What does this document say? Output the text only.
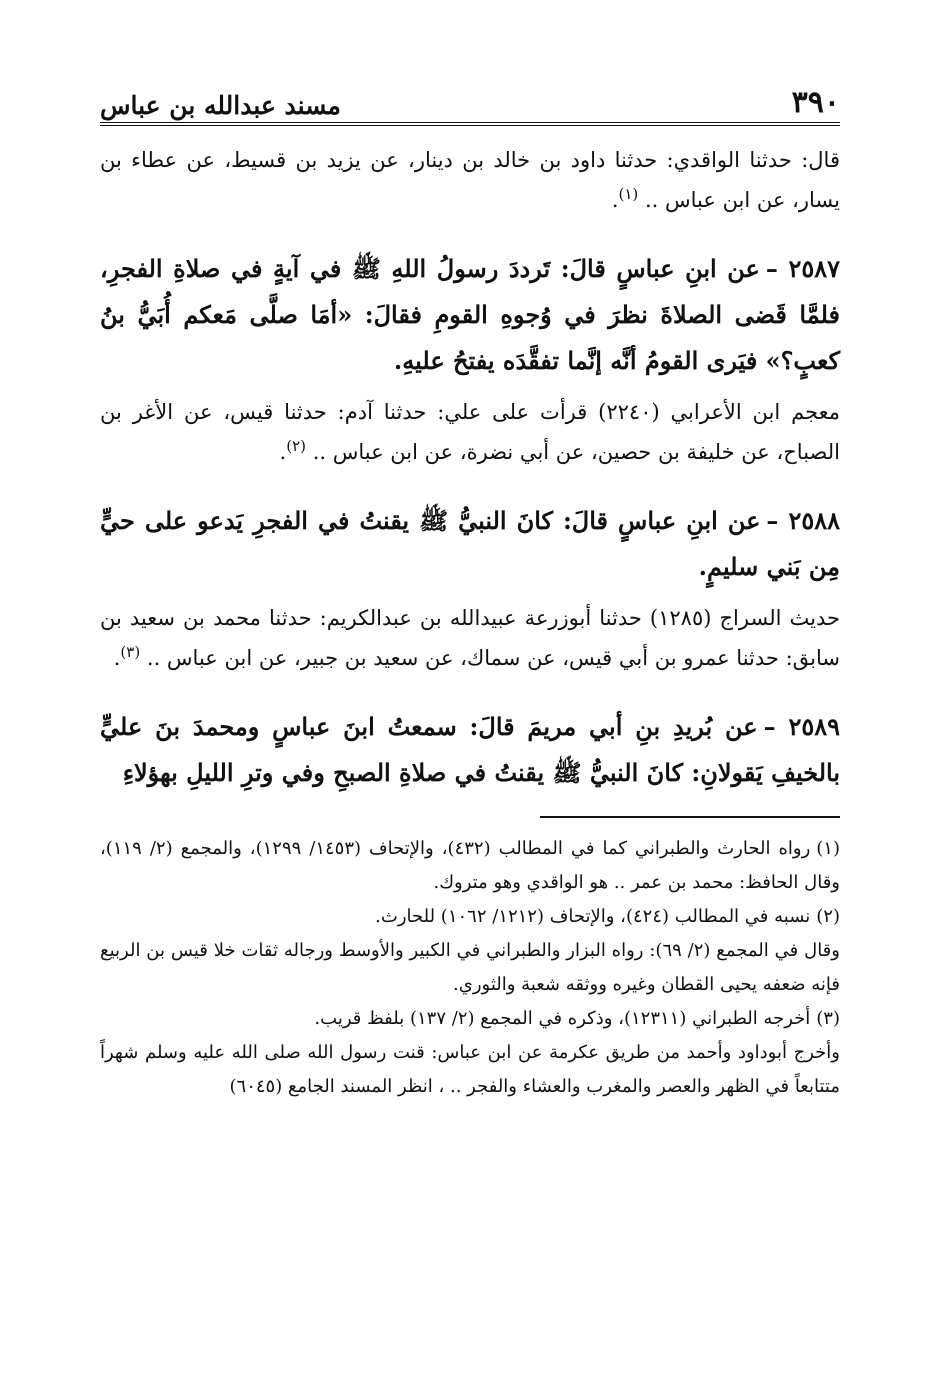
٣٩٠
مسند عبدالله بن عباس

قال: حدثنا الواقدي: حدثنا داود بن خالد بن دينار، عن يزيد بن قسيط، عن عطاء بن يسار، عن ابن عباس .. $^{(١)}$.

٢٥٨٧ –عن ابنِ عباسٍ قالَ: تَرددَ رسولُ اللهِ ﷺ في آيةٍ في صلاةِ الفجرِ، فلمَّا قَضى الصلاةَ نظرَ في وُجوهِ القومِ فقالَ: «أمَا صلَّى مَعكم أُبَيُّ بنُ كعبٍ؟» فيَرى القومُ أنَّه إنَّما تفقَّدَه يفتحُ عليهِ.

معجم ابن الأعرابي (٢٢٤٠) قرأت على علي: حدثنا آدم: حدثنا قيس، عن الأغر بن الصباح، عن خليفة بن حصين، عن أبي نضرة، عن ابن عباس .. $^{(٢)}$.

٢٥٨٨ –عن ابنِ عباسٍ قالَ: كانَ النبيُّ ﷺ يقنتُ في الفجرِ يَدعو على حيٍّ مِن بَني سليمٍ.

حديث السراج (١٢٨٥) حدثنا أبوزرعة عبيدالله بن عبدالكريم: حدثنا محمد بن سعيد بن سابق: حدثنا عمرو بن أبي قيس، عن سماك، عن سعيد بن جبير، عن ابن عباس .. $^{(٣)}$.

٢٥٨٩ –عن بُريدِ بنِ أبي مريمَ قالَ: سمعتُ ابنَ عباسٍ ومحمدَ بنَ عليٍّ بالخيفِ يَقولانِ: كانَ النبيُّ ﷺ يقنتُ في صلاةِ الصبحِ وفي وترِ الليلِ بهؤلاءِ

(١)رواه الحارث والطبراني كما في المطالب (٤٣٢)، والإتحاف (١٤٥٣/ ١٢٩٩)، والمجمع (٢/ ١١٩)، وقال الحافظ: محمد بن عمر .. هو الواقدي وهو متروك.

(٢)نسبه في المطالب (٤٢٤)، والإتحاف (١٢١٢/ ١٠٦٢) للحارث.

وقال في المجمع (٢/ ٦٩): رواه البزار والطبراني في الكبير والأوسط ورجاله ثقات خلا قيس بن الربيع فإنه ضعفه يحيى القطان وغيره ووثقه شعبة والثوري.

(٣)أخرجه الطبراني (١٢٣١١)، وذكره في المجمع (٢/ ١٣٧) بلفظ قريب.

وأخرج أبوداود وأحمد من طريق عكرمة عن ابن عباس: قنت رسول الله صلى الله عليه وسلم شهراً متتابعاً في الظهر والعصر والمغرب والعشاء والفجر .. ، انظر المسند الجامع (٦٠٤٥)
